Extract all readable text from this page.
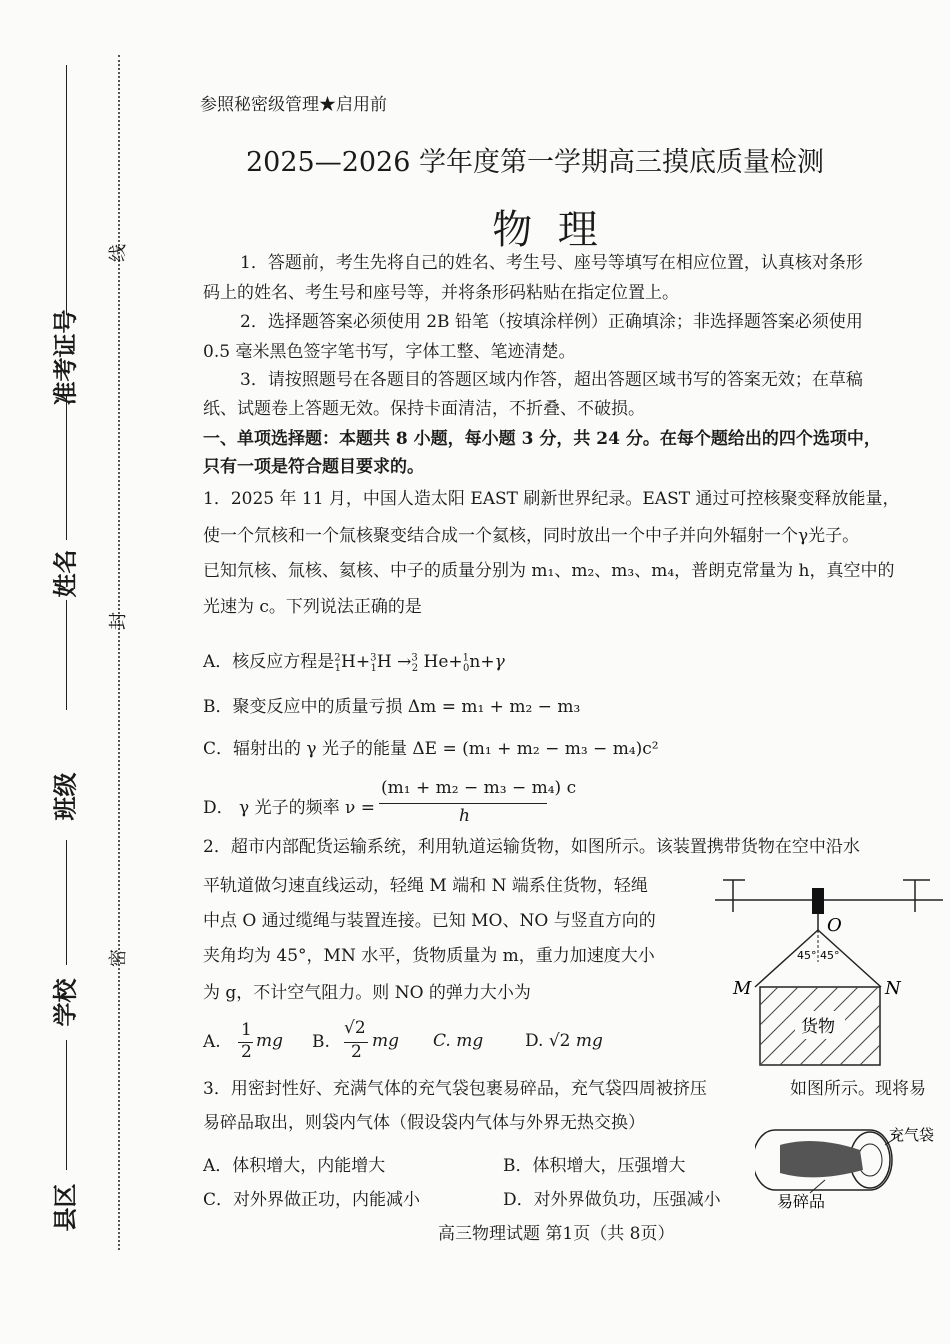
准考证号
姓名
班级
学校
县区
线
封
密
参照秘密级管理★启用前
2025—2026 学年度第一学期高三摸底质量检测
物  理
1．答题前，考生先将自己的姓名、考生号、座号等填写在相应位置，认真核对条形
码上的姓名、考生号和座号等，并将条形码粘贴在指定位置上。
2．选择题答案必须使用 2B 铅笔（按填涂样例）正确填涂；非选择题答案必须使用
0.5 毫米黑色签字笔书写，字体工整、笔迹清楚。
3．请按照题号在各题目的答题区域内作答，超出答题区域书写的答案无效；在草稿
纸、试题卷上答题无效。保持卡面清洁，不折叠、不破损。
一、单项选择题：本题共 8 小题，每小题 3 分，共 24 分。在每个题给出的四个选项中，
只有一项是符合题目要求的。
1．2025 年 11 月，中国人造太阳 EAST 刷新世界纪录。EAST 通过可控核聚变释放能量，
使一个氘核和一个氚核聚变结合成一个氦核，同时放出一个中子并向外辐射一个γ光子。
已知氘核、氚核、氦核、中子的质量分别为 m₁、m₂、m₃、m₄，普朗克常量为 h，真空中的
光速为 c。下列说法正确的是
A．核反应方程是$^2_1$H+$^3_1$H →$^3_2$ He+$^1_0$n+γ
B．聚变反应中的质量亏损 Δm = m₁ + m₂ − m₃
C．辐射出的 γ 光子的能量 ΔE = (m₁ + m₂ − m₃ − m₄)c²
D． γ 光子的频率 ν =
(m₁ + m₂ − m₃ − m₄) c
h
2．超市内部配货运输系统，利用轨道运输货物，如图所示。该装置携带货物在空中沿水
平轨道做匀速直线运动，轻绳 M 端和 N 端系住货物，轻绳
中点 O 通过缆绳与装置连接。已知 MO、NO 与竖直方向的
夹角均为 45°，MN 水平，货物质量为 m，重力加速度大小
为 g，不计空气阻力。则 NO 的弹力大小为
A.
1
2
mg B.
√2
2
mg C. mg D. √2 mg
货物
O
M	N
45° 45°
3．用密封性好、充满气体的充气袋包裹易碎品，充气袋四周被挤压	如图所示。现将易
易碎品取出，则袋内气体（假设袋内气体与外界无热交换）
A．体积增大，内能增大	B．体积增大，压强增大
C．对外界做正功，内能减小	D．对外界做负功，压强减小
充气袋
易碎品
高三物理试题 第1页（共 8页）
